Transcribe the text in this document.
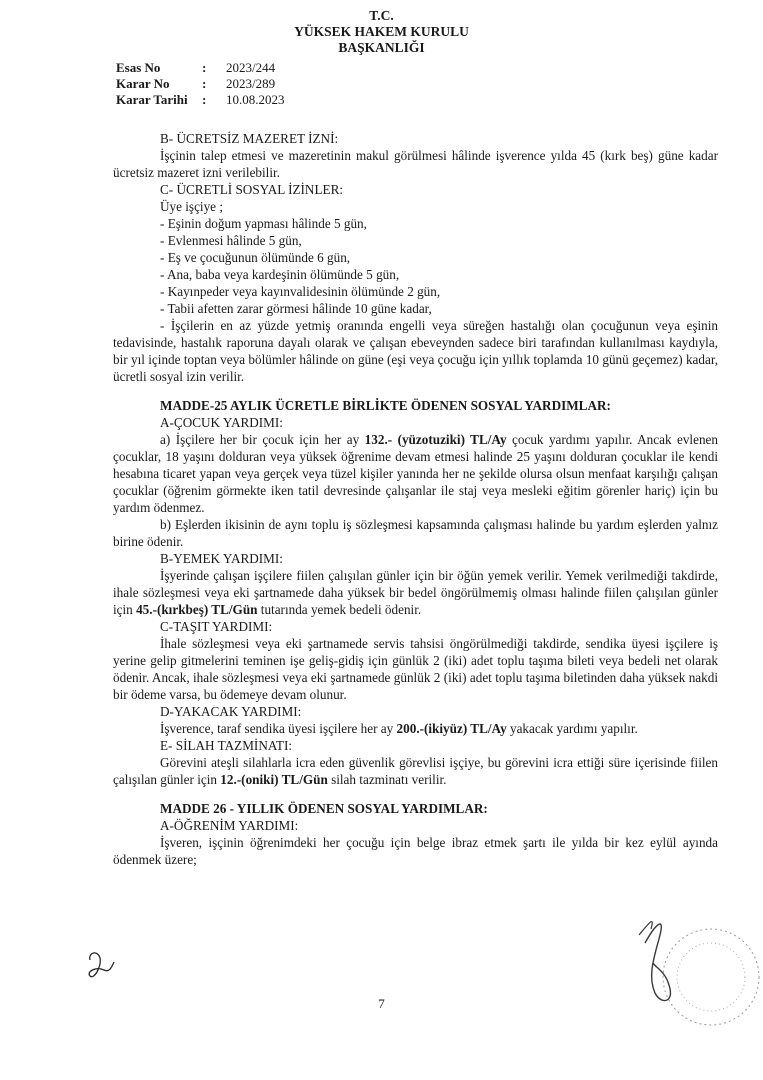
T.C.
YÜKSEK HAKEM KURULU
BAŞKANLIĞI
Esas No	:	2023/244
Karar No	:	2023/289
Karar Tarihi	:	10.08.2023

B- ÜCRETSİZ MAZERET İZNİ:

İşçinin talep etmesi ve mazeretinin makul görülmesi hâlinde işverence yılda 45 (kırk beş) güne kadar ücretsiz mazeret izni verilebilir.

C- ÜCRETLİ SOSYAL İZİNLER:

Üye işçiye ;

- Eşinin doğum yapması hâlinde 5 gün,

- Evlenmesi hâlinde 5 gün,

- Eş ve çocuğunun ölümünde 6 gün,

- Ana, baba veya kardeşinin ölümünde 5 gün,

- Kayınpeder veya kayınvalidesinin ölümünde 2 gün,

- Tabii afetten zarar görmesi hâlinde 10 güne kadar,

- İşçilerin en az yüzde yetmiş oranında engelli veya süreğen hastalığı olan çocuğunun veya eşinin tedavisinde, hastalık raporuna dayalı olarak ve çalışan ebeveynden sadece biri tarafından kullanılması kaydıyla, bir yıl içinde toptan veya bölümler hâlinde on güne (eşi veya çocuğu için yıllık toplamda 10 günü geçemez) kadar, ücretli sosyal izin verilir.

MADDE-25 AYLIK ÜCRETLE BİRLİKTE ÖDENEN SOSYAL YARDIMLAR:

A-ÇOCUK YARDIMI:

a) İşçilere her bir çocuk için her ay 132.- (yüzotuziki) TL/Ay çocuk yardımı yapılır. Ancak evlenen çocuklar, 18 yaşını dolduran veya yüksek öğrenime devam etmesi halinde 25 yaşını dolduran çocuklar ile kendi hesabına ticaret yapan veya gerçek veya tüzel kişiler yanında her ne şekilde olursa olsun menfaat karşılığı çalışan çocuklar (öğrenim görmekte iken tatil devresinde çalışanlar ile staj veya mesleki eğitim görenler hariç) için bu yardım ödenmez.

b) Eşlerden ikisinin de aynı toplu iş sözleşmesi kapsamında çalışması halinde bu yardım eşlerden yalnız birine ödenir.

B-YEMEK YARDIMI:

İşyerinde çalışan işçilere fiilen çalışılan günler için bir öğün yemek verilir. Yemek verilmediği takdirde, ihale sözleşmesi veya eki şartnamede daha yüksek bir bedel öngörülmemiş olması halinde fiilen çalışılan günler için 45.-(kırkbeş) TL/Gün tutarında yemek bedeli ödenir.

C-TAŞIT YARDIMI:

İhale sözleşmesi veya eki şartnamede servis tahsisi öngörülmediği takdirde, sendika üyesi işçilere iş yerine gelip gitmelerini teminen işe geliş-gidiş için günlük 2 (iki) adet toplu taşıma bileti veya bedeli net olarak ödenir. Ancak, ihale sözleşmesi veya eki şartnamede günlük 2 (iki) adet toplu taşıma biletinden daha yüksek nakdi bir ödeme varsa, bu ödemeye devam olunur.

D-YAKACAK YARDIMI:

İşverence, taraf sendika üyesi işçilere her ay 200.-(ikiyüz) TL/Ay yakacak yardımı yapılır.

E- SİLAH TAZMİNATI:

Görevini ateşli silahlarla icra eden güvenlik görevlisi işçiye, bu görevini icra ettiği süre içerisinde fiilen çalışılan günler için 12.-(oniki) TL/Gün silah tazminatı verilir.

MADDE 26 - YILLIK ÖDENEN SOSYAL YARDIMLAR:

A-ÖĞRENİM YARDIMI:

İşveren, işçinin öğrenimdeki her çocuğu için belge ibraz etmek şartı ile yılda bir kez eylül ayında ödenmek üzere;

7
